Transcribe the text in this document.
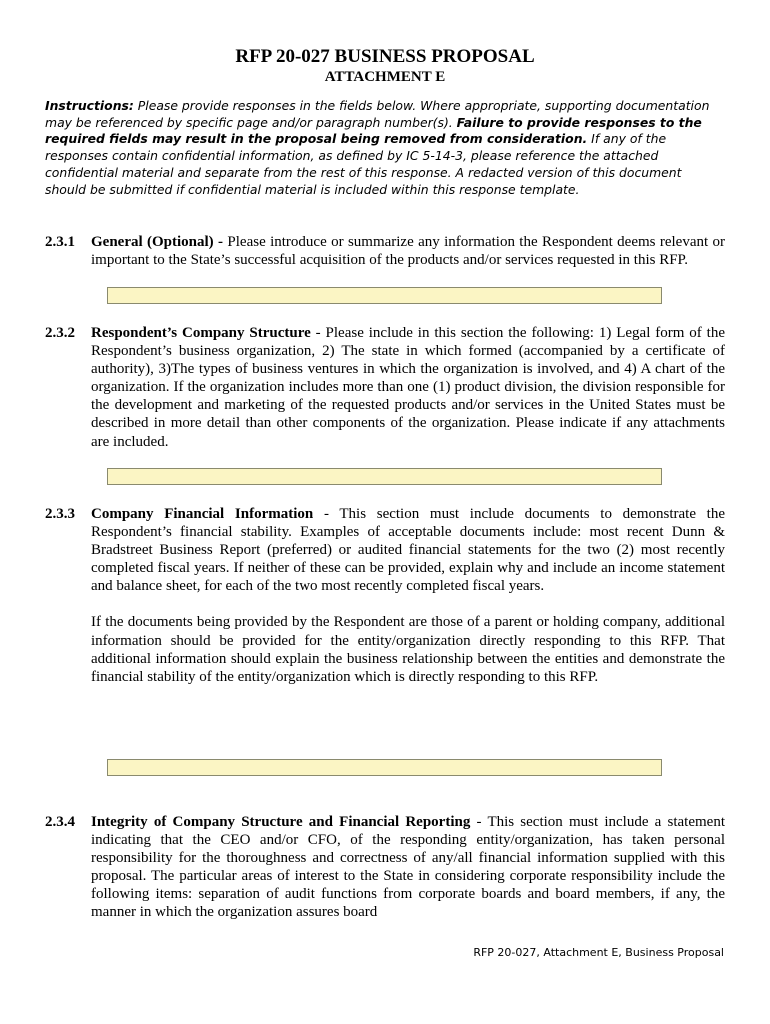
RFP 20-027 BUSINESS PROPOSAL
ATTACHMENT E
Instructions: Please provide responses in the fields below. Where appropriate, supporting documentation may be referenced by specific page and/or paragraph number(s). Failure to provide responses to the required fields may result in the proposal being removed from consideration. If any of the responses contain confidential information, as defined by IC 5-14-3, please reference the attached confidential material and separate from the rest of this response. A redacted version of this document should be submitted if confidential material is included within this response template.
2.3.1 General (Optional) - Please introduce or summarize any information the Respondent deems relevant or important to the State’s successful acquisition of the products and/or services requested in this RFP.

2.3.2 Respondent’s Company Structure - Please include in this section the following: 1) Legal form of the Respondent’s business organization, 2) The state in which formed (accompanied by a certificate of authority), 3)The types of business ventures in which the organization is involved, and 4) A chart of the organization. If the organization includes more than one (1) product division, the division responsible for the development and marketing of the requested products and/or services in the United States must be described in more detail than other components of the organization. Please indicate if any attachments are included.

2.3.3 Company Financial Information - This section must include documents to demonstrate the Respondent’s financial stability. Examples of acceptable documents include: most recent Dunn & Bradstreet Business Report (preferred) or audited financial statements for the two (2) most recently completed fiscal years. If neither of these can be provided, explain why and include an income statement and balance sheet, for each of the two most recently completed fiscal years.

If the documents being provided by the Respondent are those of a parent or holding company, additional information should be provided for the entity/organization directly responding to this RFP. That additional information should explain the business relationship between the entities and demonstrate the financial stability of the entity/organization which is directly responding to this RFP.

2.3.4 Integrity of Company Structure and Financial Reporting - This section must include a statement indicating that the CEO and/or CFO, of the responding entity/organization, has taken personal responsibility for the thoroughness and correctness of any/all financial information supplied with this proposal. The particular areas of interest to the State in considering corporate responsibility include the following items: separation of audit functions from corporate boards and board members, if any, the manner in which the organization assures board

RFP 20-027, Attachment E, Business Proposal
